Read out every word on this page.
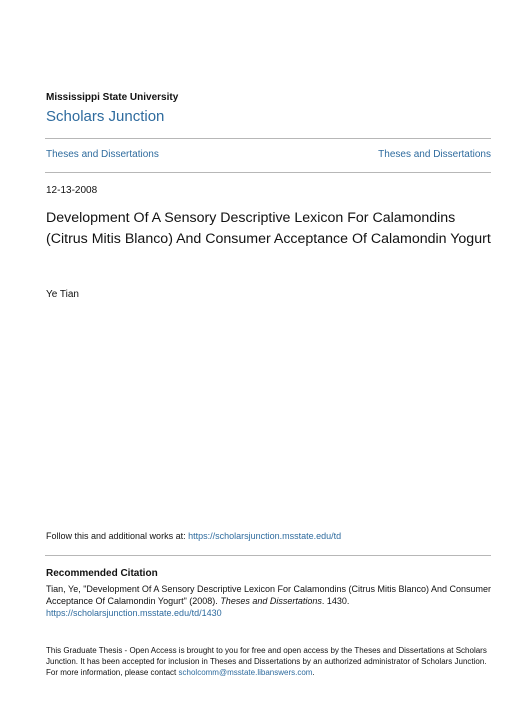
Mississippi State University
Scholars Junction
Theses and Dissertations	Theses and Dissertations
12-13-2008
Development Of A Sensory Descriptive Lexicon For Calamondins (Citrus Mitis Blanco) And Consumer Acceptance Of Calamondin Yogurt
Ye Tian
Follow this and additional works at: https://scholarsjunction.msstate.edu/td
Recommended Citation
Tian, Ye, "Development Of A Sensory Descriptive Lexicon For Calamondins (Citrus Mitis Blanco) And Consumer Acceptance Of Calamondin Yogurt" (2008). Theses and Dissertations. 1430.
https://scholarsjunction.msstate.edu/td/1430
This Graduate Thesis - Open Access is brought to you for free and open access by the Theses and Dissertations at Scholars Junction. It has been accepted for inclusion in Theses and Dissertations by an authorized administrator of Scholars Junction. For more information, please contact scholcomm@msstate.libanswers.com.
